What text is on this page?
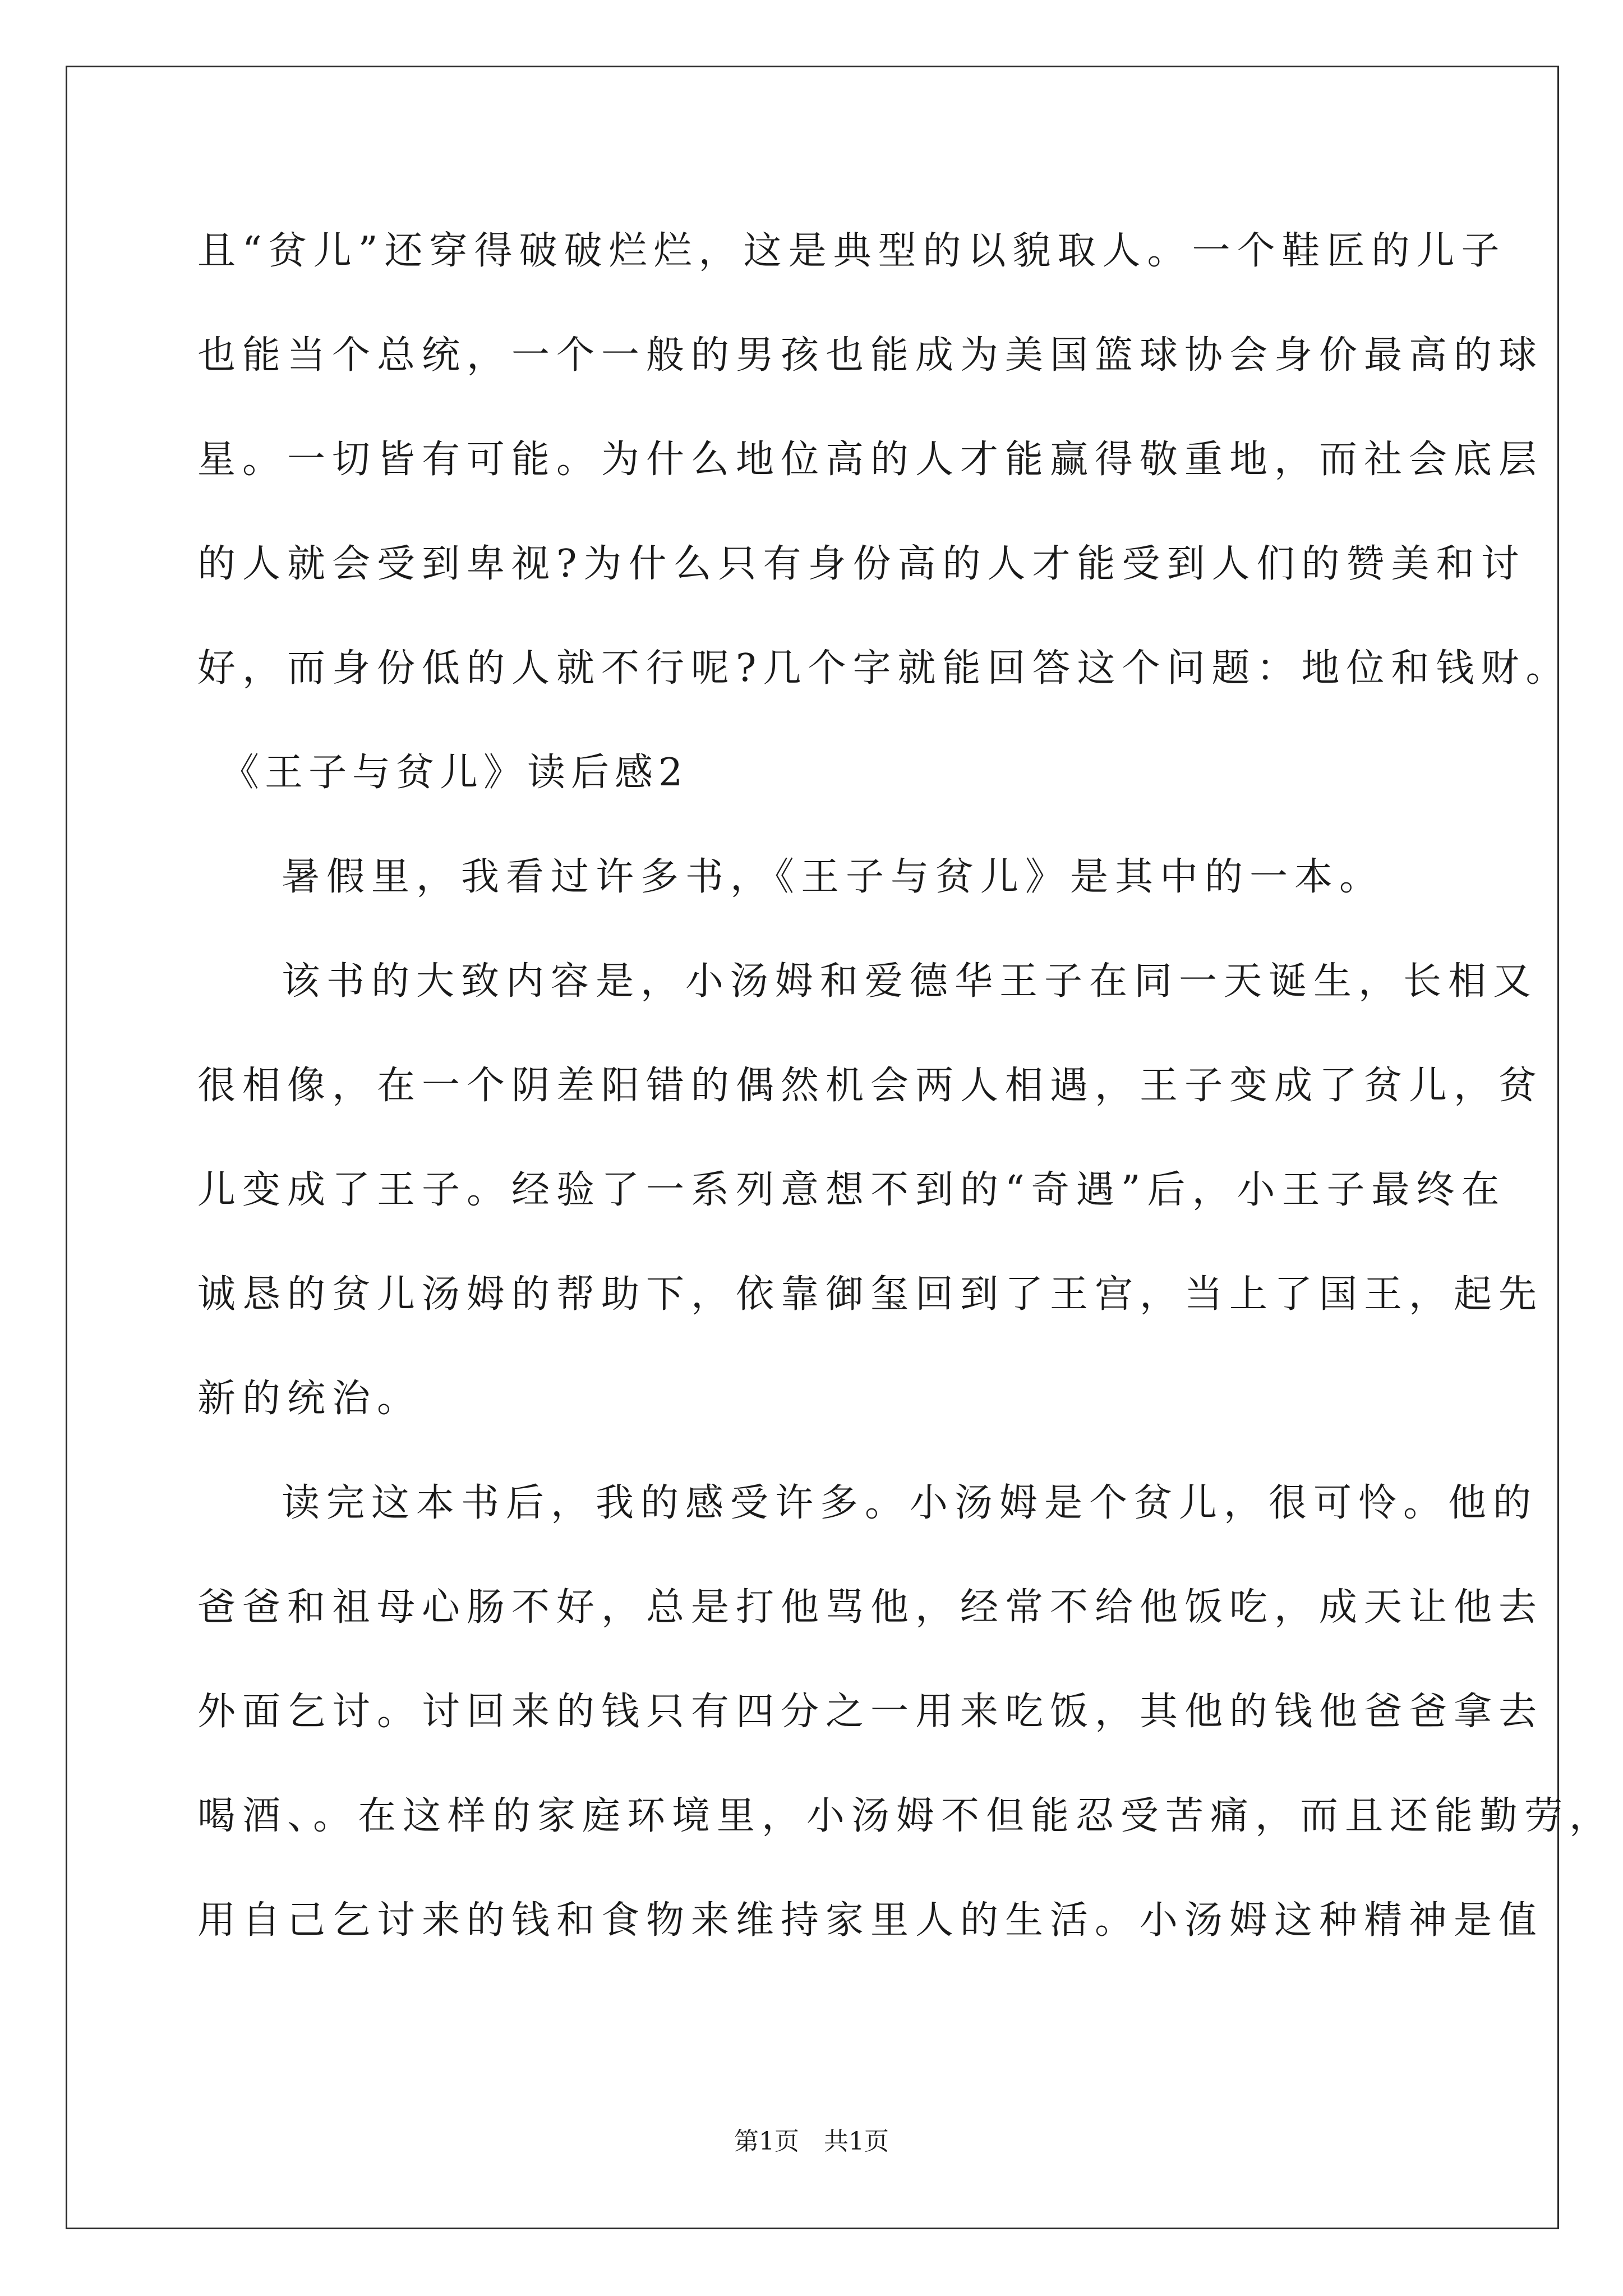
且“贫儿”还穿得破破烂烂，这是典型的以貌取人。一个鞋匠的儿子
也能当个总统，一个一般的男孩也能成为美国篮球协会身价最高的球
星。一切皆有可能。为什么地位高的人才能赢得敬重地，而社会底层
的人就会受到卑视?为什么只有身份高的人才能受到人们的赞美和讨
好，而身份低的人就不行呢?几个字就能回答这个问题：地位和钱财。
《王子与贫儿》读后感2
暑假里，我看过许多书，《王子与贫儿》是其中的一本。
该书的大致内容是，小汤姆和爱德华王子在同一天诞生，长相又
很相像，在一个阴差阳错的偶然机会两人相遇，王子变成了贫儿，贫
儿变成了王子。经验了一系列意想不到的“奇遇”后，小王子最终在
诚恳的贫儿汤姆的帮助下，依靠御玺回到了王宫，当上了国王，起先
新的统治。
读完这本书后，我的感受许多。小汤姆是个贫儿，很可怜。他的
爸爸和祖母心肠不好，总是打他骂他，经常不给他饭吃，成天让他去
外面乞讨。讨回来的钱只有四分之一用来吃饭，其他的钱他爸爸拿去
喝酒、。在这样的家庭环境里，小汤姆不但能忍受苦痛，而且还能勤劳，
用自己乞讨来的钱和食物来维持家里人的生活。小汤姆这种精神是值
第1页 共1页
